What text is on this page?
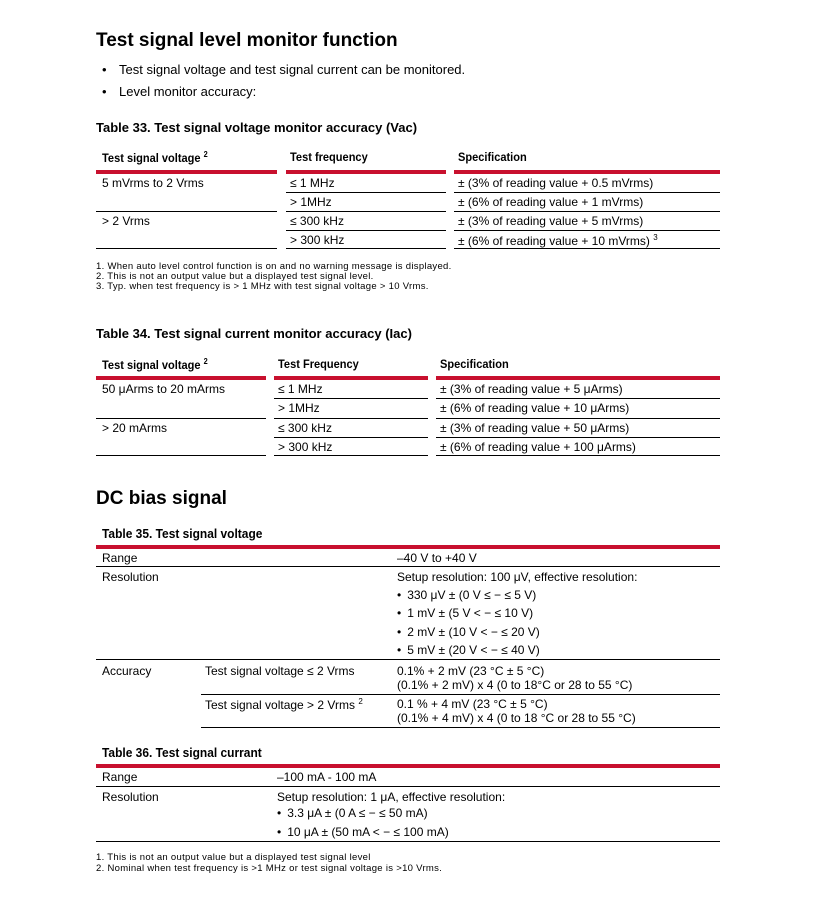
Test signal level monitor function
• Test signal voltage and test signal current can be monitored.
• Level monitor accuracy:
Table 33. Test signal voltage monitor accuracy (Vac)
Test signal voltage $^2$	Test frequency	Specification
5 mVrms to 2 Vrms	≤ 1 MHz	± (3% of reading value + 0.5 mVrms)
> 1MHz	± (6% of reading value + 1 mVrms)
> 2 Vrms	≤ 300 kHz	± (3% of reading value + 5 mVrms)
> 300 kHz	± (6% of reading value + 10 mVrms) $^3$
1. When auto level control function is on and no warning message is displayed.
2. This is not an output value but a displayed test signal level.
3. Typ. when test frequency is > 1 MHz with test signal voltage > 10 Vrms.
Table 34. Test signal current monitor accuracy (Iac)
Test signal voltage $^2$	Test Frequency	Specification
50 μArms to 20 mArms	≤ 1 MHz	± (3% of reading value + 5 μArms)
> 1MHz	± (6% of reading value + 10 μArms)
> 20 mArms	≤ 300 kHz	± (3% of reading value + 50 μArms)
> 300 kHz	± (6% of reading value + 100 μArms)
DC bias signal
Table 35. Test signal voltage
Range	–40 V to +40 V
Resolution	Setup resolution: 100 μV, effective resolution:
• 330 μV ± (0 V ≤ − ≤ 5 V)
• 1 mV ± (5 V < − ≤ 10 V)
• 2 mV ± (10 V < − ≤ 20 V)
• 5 mV ± (20 V < − ≤ 40 V)
Accuracy	Test signal voltage ≤ 2 Vrms	0.1% + 2 mV (23 °C ± 5 °C)
(0.1% + 2 mV) x 4 (0 to 18°C or 28 to 55 °C)
Test signal voltage > 2 Vrms $^2$	0.1 % + 4 mV (23 °C ± 5 °C)
(0.1% + 4 mV) x 4 (0 to 18 °C or 28 to 55 °C)
Table 36. Test signal currant
Range	–100 mA - 100 mA
Resolution	Setup resolution: 1 μA, effective resolution:
• 3.3 μA ± (0 A ≤ − ≤ 50 mA)
• 10 μA ± (50 mA < − ≤ 100 mA)
1. This is not an output value but a displayed test signal level
2. Nominal when test frequency is >1 MHz or test signal voltage is >10 Vrms.
